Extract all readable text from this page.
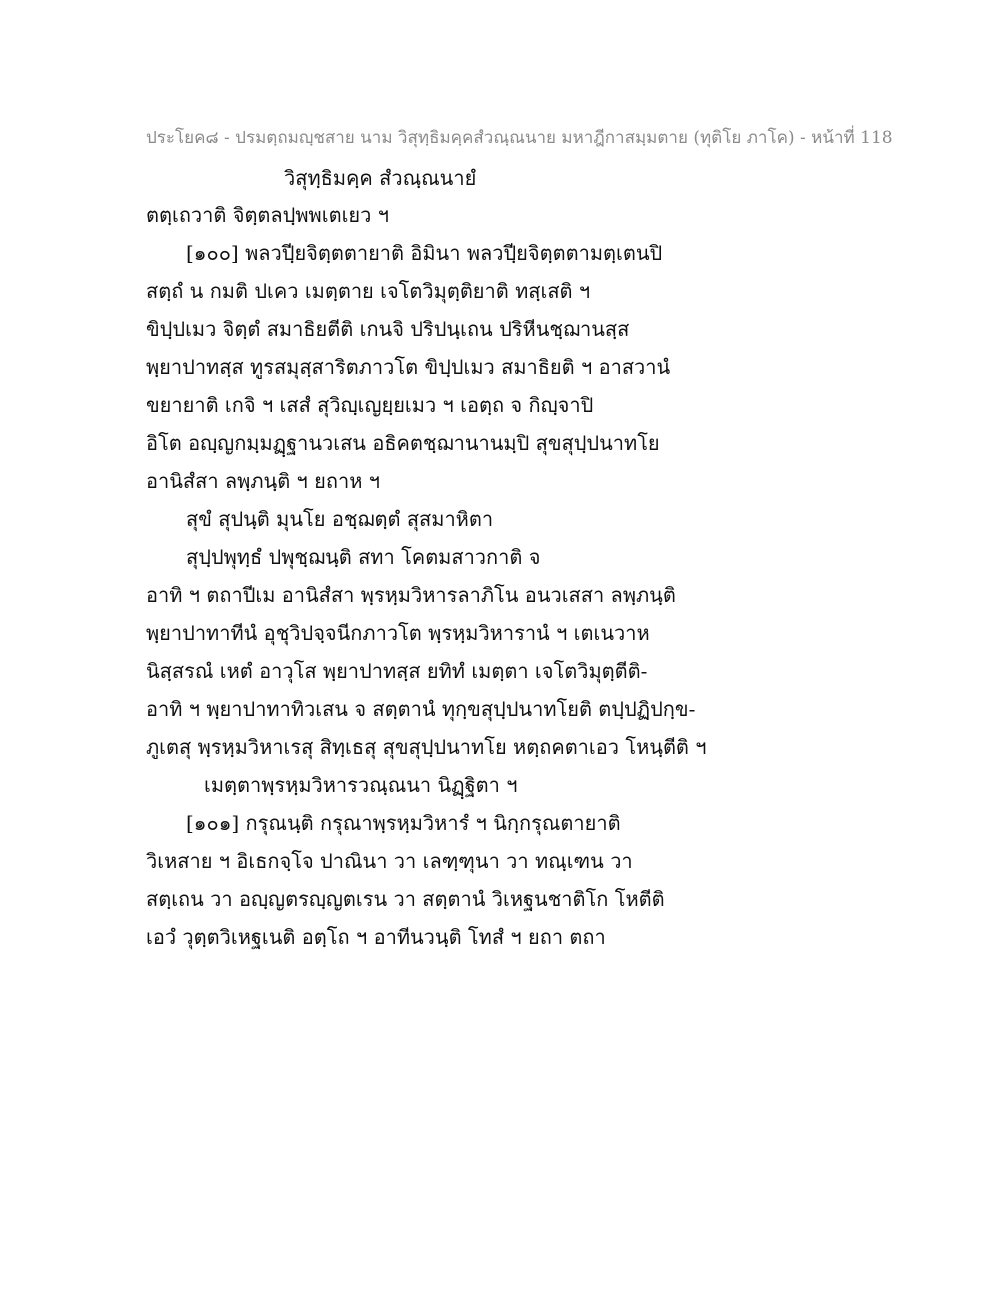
ประโยค๘ - ปรมตฺถมญฺชสาย นาม วิสุทฺธิมคฺคสํวณฺณนาย มหาฎีกาสมฺมตาย (ทุติโย ภาโค) - หน้าที่ 118
วิสุทฺธิมคฺค สํวณฺณนายํ
ตตฺเถวาติ จิตฺตลปฺพพเตเยว ฯ
[๑๐๐] พลวปีฺยจิตฺตตายาติ อิมินา พลวปีฺยจิตฺตตามตฺเตนปิ
สตฺถํ น กมติ ปเคว เมตฺตาย เจโตวิมุตฺติยาติ ทสฺเสติ ฯ
ขิปฺปเมว จิตฺตํ สมาธิยตีติ เกนจิ ปริปนฺเถน ปริหีนชฺฌานสฺส
พฺยาปาทสฺส ทูรสมุสฺสาริตภาวโต ขิปฺปเมว สมาธิยติ ฯ อาสวานํ
ขยายาติ เกจิ ฯ เสสํ สุวิญฺเญยฺยเมว ฯ เอตฺถ จ กิญฺจาปิ
อิโต อญฺญกมฺมฏฺฐานวเสน อธิคตชฺฌานานมฺปิ สุขสุปฺปนาทโย
อานิสํสา ลพฺภนฺติ ฯ ยถาห ฯ
สุขํ สุปนฺติ มุนโย อชฺฌตฺตํ สุสมาหิตา
สุปฺปพุทฺธํ ปพุชฺฌนฺติ สทา โคตมสาวกาติ จ
อาทิ ฯ ตถาปีเม อานิสํสา พฺรหฺมวิหารลาภิโน อนวเสสา ลพฺภนฺติ
พฺยาปาทาทีนํ อุชุวิปจฺจนีกภาวโต พฺรหฺมวิหารานํ ฯ เตเนวาห
นิสฺสรณํ เหตํ อาวุโส พฺยาปาทสฺส ยทิทํ เมตฺตา เจโตวิมุตฺตีติ-
อาทิ ฯ พฺยาปาทาทิวเสน จ สตฺตานํ ทุกฺขสุปฺปนาทโยติ ตปฺปฏิปกฺข-
ภูเตสุ พฺรหฺมวิหาเรสุ สิทฺเธสุ สุขสุปฺปนาทโย หตฺถคตาเอว โหนฺตีติ ฯ
เมตฺตาพฺรหฺมวิหารวณฺณนา นิฏฺฐิตา ฯ
[๑๐๑] กรุณนฺติ กรุณาพฺรหฺมวิหารํ ฯ นิกฺกรุณตายาติ
วิเหสาย ฯ อิเธกจฺโจ ปาณินา วา เลฑฺฑุนา วา ทณฺเฑน วา
สตฺเถน วา อญฺญตรญฺญตเรน วา สตฺตานํ วิเหฐนชาติโก โหตีติ
เอวํ วุตฺตวิเหฐเนติ อตฺโถ ฯ อาทีนวนฺติ โทสํ ฯ ยถา ตถา
